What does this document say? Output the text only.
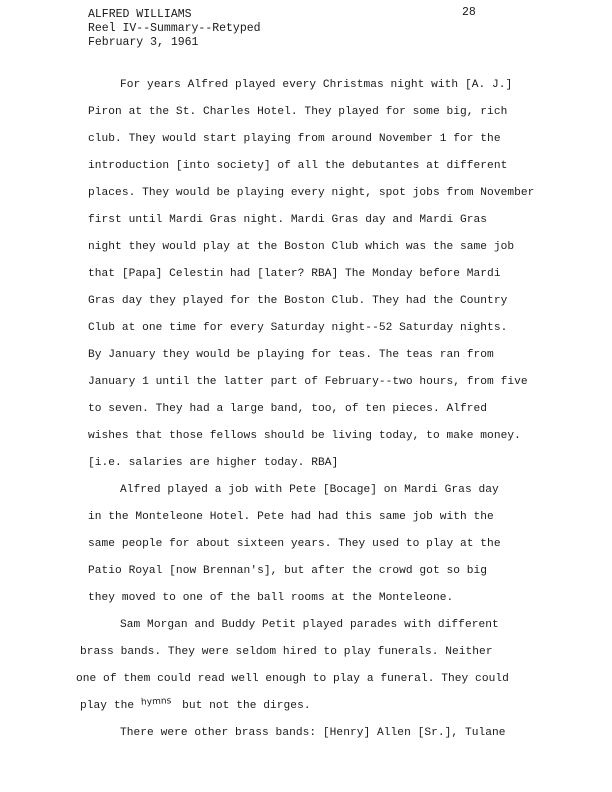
ALFRED WILLIAMS
Reel IV--Summary--Retyped
February 3, 1961
28
For years Alfred played every Christmas night with [A. J.]
Piron at the St. Charles Hotel. They played for some big, rich
club. They would start playing from around November 1 for the
introduction [into society] of all the debutantes at different
places. They would be playing every night, spot jobs from November
first until Mardi Gras night. Mardi Gras day and Mardi Gras
night they would play at the Boston Club which was the same job
that [Papa] Celestin had [later? RBA] The Monday before Mardi
Gras day they played for the Boston Club. They had the Country
Club at one time for every Saturday night--52 Saturday nights.
By January they would be playing for teas. The teas ran from
January 1 until the latter part of February--two hours, from five
to seven. They had a large band, too, of ten pieces. Alfred
wishes that those fellows should be living today, to make money.
[i.e. salaries are higher today. RBA]
Alfred played a job with Pete [Bocage] on Mardi Gras day
in the Monteleone Hotel. Pete had had this same job with the
same people for about sixteen years. They used to play at the
Patio Royal [now Brennan's], but after the crowd got so big
they moved to one of the ball rooms at the Monteleone.
Sam Morgan and Buddy Petit played parades with different
brass bands. They were seldom hired to play funerals. Neither
one of them could read well enough to play a funeral. They could
play the hymns but not the dirges.
There were other brass bands: [Henry] Allen [Sr.], Tulane
